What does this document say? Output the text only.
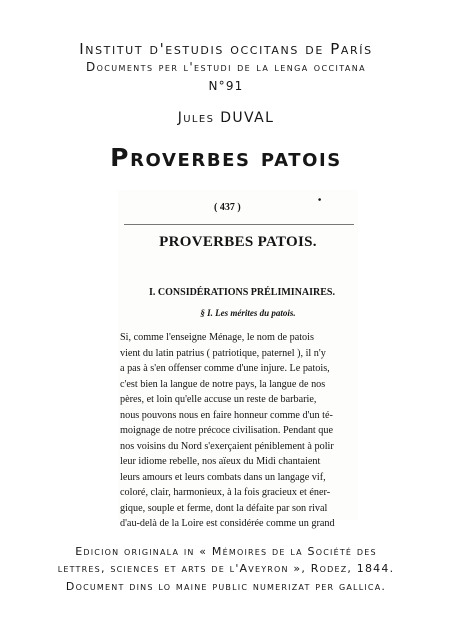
Institut d'estudis occitans de París
Documents per l'estudi de la lenga occitana
N°91
Jules DUVAL
Proverbes patois
( 437 )
•
PROVERBES PATOIS.
I. CONSIDÉRATIONS PRÉLIMINAIRES.
§ I. Les mérites du patois.
Si, comme l'enseigne Ménage, le nom de patois
vient du latin patrius ( patriotique, paternel ), il n'y
a pas à s'en offenser comme d'une injure. Le patois,
c'est bien la langue de notre pays, la langue de nos
pères, et loin qu'elle accuse un reste de barbarie,
nous pouvons nous en faire honneur comme d'un té-
moignage de notre précoce civilisation. Pendant que
nos voisins du Nord s'exerçaient péniblement à polir
leur idiome rebelle, nos aïeux du Midi chantaient
leurs amours et leurs combats dans un langage vif,
coloré, clair, harmonieux, à la fois gracieux et éner-
gique, souple et ferme, dont la défaite par son rival
d'au-delà de la Loire est considérée comme un grand
Edicion originala in « Mémoires de la Société des
lettres, sciences et arts de l'Aveyron », Rodez, 1844.
Document dins lo maine public numerizat per gallica.
